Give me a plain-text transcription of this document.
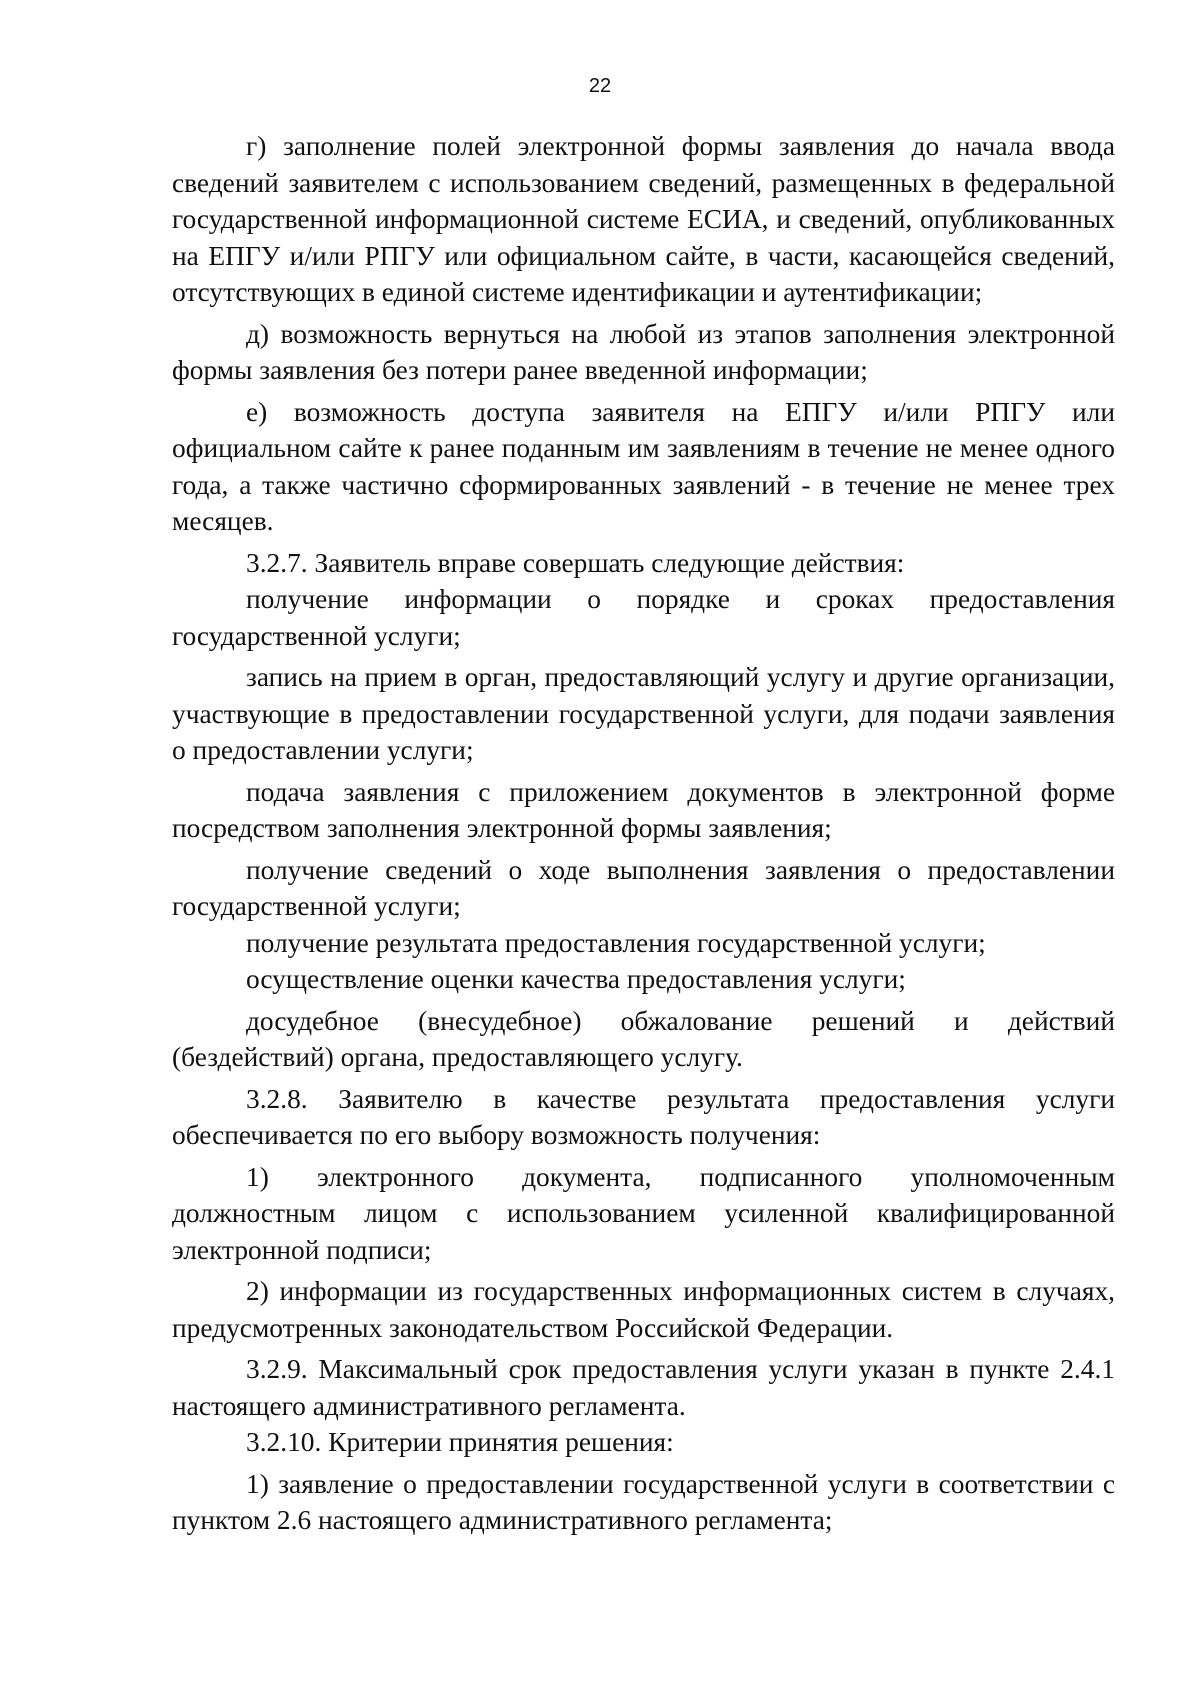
22

г) заполнение полей электронной формы заявления до начала ввода сведений заявителем с использованием сведений, размещенных в федеральной государственной информационной системе ЕСИА, и сведений, опубликованных на ЕПГУ и/или РПГУ или официальном сайте, в части, касающейся сведений, отсутствующих в единой системе идентификации и аутентификации;

д) возможность вернуться на любой из этапов заполнения электронной формы заявления без потери ранее введенной информации;

е) возможность доступа заявителя на ЕПГУ и/или РПГУ или официальном сайте к ранее поданным им заявлениям в течение не менее одного года, а также частично сформированных заявлений - в течение не менее трех месяцев.

3.2.7. Заявитель вправе совершать следующие действия:

получение информации о порядке и сроках предоставления государственной услуги;

запись на прием в орган, предоставляющий услугу и другие организации, участвующие в предоставлении государственной услуги, для подачи заявления о предоставлении услуги;

подача заявления с приложением документов в электронной форме посредством заполнения электронной формы заявления;

получение сведений о ходе выполнения заявления о предоставлении государственной услуги;

получение результата предоставления государственной услуги;

осуществление оценки качества предоставления услуги;

досудебное (внесудебное) обжалование решений и действий (бездействий) органа, предоставляющего услугу.

3.2.8. Заявителю в качестве результата предоставления услуги обеспечивается по его выбору возможность получения:

1) электронного документа, подписанного уполномоченным должностным лицом с использованием усиленной квалифицированной электронной подписи;

2) информации из государственных информационных систем в случаях, предусмотренных законодательством Российской Федерации.

3.2.9. Максимальный срок предоставления услуги указан в пункте 2.4.1 настоящего административного регламента.

3.2.10. Критерии принятия решения:

1) заявление о предоставлении государственной услуги в соответствии с пунктом 2.6 настоящего административного регламента;
